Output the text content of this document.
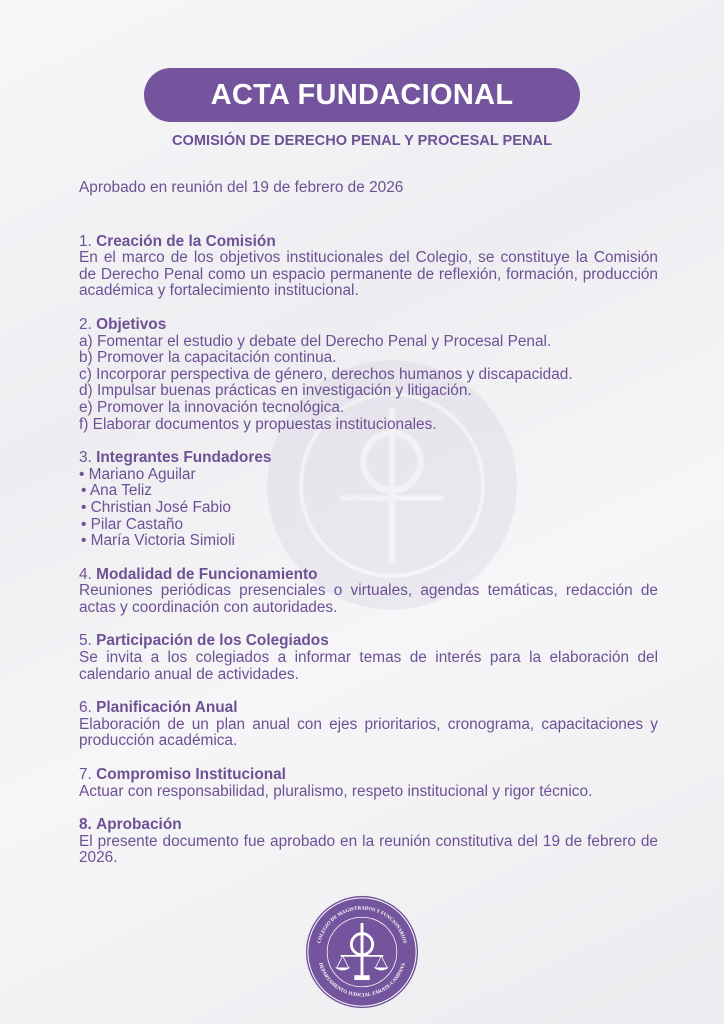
ACTA FUNDACIONAL
COMISIÓN DE DERECHO PENAL Y PROCESAL PENAL

Aprobado en reunión del 19 de febrero de 2026

1. Creación de la Comisión

En el marco de los objetivos institucionales del Colegio, se constituye la Comisión de Derecho Penal como un espacio permanente de reflexión, formación, producción académica y fortalecimiento institucional.

2. Objetivos
a) Fomentar el estudio y debate del Derecho Penal y Procesal Penal.
b) Promover la capacitación continua.
c) Incorporar perspectiva de género, derechos humanos y discapacidad.
d) Impulsar buenas prácticas en investigación y litigación.
e) Promover la innovación tecnológica.
f) Elaborar documentos y propuestas institucionales.
3. Integrantes Fundadores
• Mariano Aguilar
• Ana Teliz
• Christian José Fabio
• Pilar Castaño
• María Victoria Simioli
4. Modalidad de Funcionamiento

Reuniones periódicas presenciales o virtuales, agendas temáticas, redacción de actas y coordinación con autoridades.

5. Participación de los Colegiados

Se invita a los colegiados a informar temas de interés para la elaboración del calendario anual de actividades.

6. Planificación Anual

Elaboración de un plan anual con ejes prioritarios, cronograma, capacitaciones y producción académica.

7. Compromiso Institucional

Actuar con responsabilidad, pluralismo, respeto institucional y rigor técnico.

8. Aprobación

El presente documento fue aprobado en la reunión constitutiva del 19 de febrero de 2026.

COLEGIO DE MAGISTRADOS Y FUNCIONARIOS
DEPARTAMENTO JUDICIAL ZÁRATE-CAMPANA
